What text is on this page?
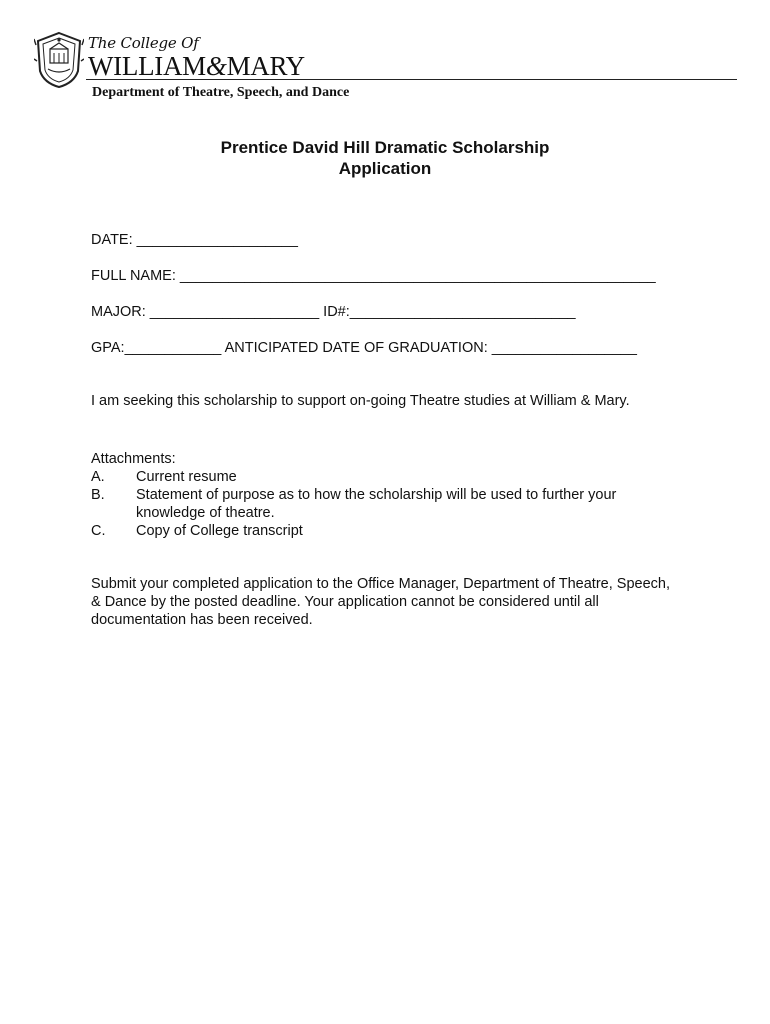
The College Of
WILLIAM&MARY
Department of Theatre, Speech, and Dance
Prentice David Hill Dramatic Scholarship
Application
DATE: ____________________
FULL NAME: ___________________________________________________________
MAJOR: _____________________ ID#:____________________________
GPA:____________ ANTICIPATED DATE OF GRADUATION: __________________
I am seeking this scholarship to support on-going Theatre studies at William & Mary.
Attachments:
A. Current resume
B. Statement of purpose as to how the scholarship will be used to further your knowledge of theatre.
C. Copy of College transcript
Submit your completed application to the Office Manager, Department of Theatre, Speech, & Dance by the posted deadline. Your application cannot be considered until all documentation has been received.
